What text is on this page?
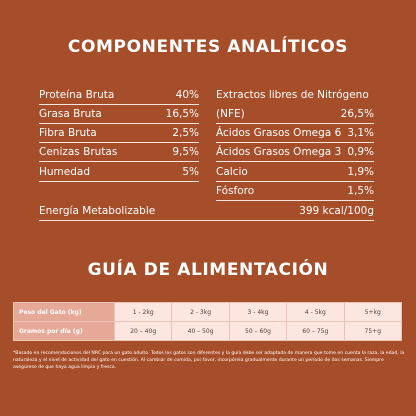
COMPONENTES ANALÍTICOS
Proteína Bruta	40%
Grasa Bruta	16,5%
Fibra Bruta	2,5%
Cenizas Brutas	9,5%
Humedad	5%
Extractos libres de Nitrógeno
(NFE)	26,5%
Ácidos Grasos Omega 6 3,1%
Ácidos Grasos Omega 3 0,9%
Calcio	1,9%
Fósforo	1,5%
Energía Metabolizable	399 kcal/100g
GUÍA DE ALIMENTACIÓN
Peso del Gato (kg)	1 - 2kg	2 - 3kg	3 - 4kg	4 - 5kg	5+kg
Gramos por día (g)	20 – 40g	40 – 50g	50 – 60g	60 – 75g	75+g
*Basado en recomendaciones del NRC para un gato adulto. Todos los gatos son diferentes y la guía debe ser adaptada de manera que tome en cuenta la raza, la edad, la naturaleza y el nivel de actividad del gato en cuestión. Al cambiar de comida, por favor, incorpórela gradualmente durante un período de dos semanas. Siempre asegúrese de que haya agua limpia y fresca.
